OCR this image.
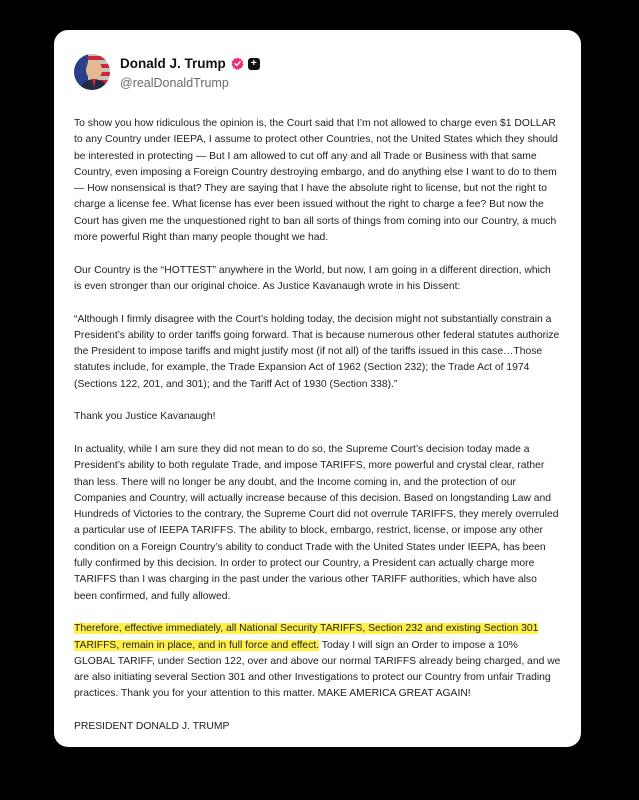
Donald J. Trump	+
@realDonaldTrump

To show you how ridiculous the opinion is, the Court said that I’m not allowed to charge even $1 DOLLAR to any Country under IEEPA, I assume to protect other Countries, not the United States which they should be interested in protecting — But I am allowed to cut off any and all Trade or Business with that same Country, even imposing a Foreign Country destroying embargo, and do anything else I want to do to them — How nonsensical is that? They are saying that I have the absolute right to license, but not the right to charge a license fee. What license has ever been issued without the right to charge a fee? But now the Court has given me the unquestioned right to ban all sorts of things from coming into our Country, a much more powerful Right than many people thought we had.

Our Country is the “HOTTEST” anywhere in the World, but now, I am going in a different direction, which is even stronger than our original choice. As Justice Kavanaugh wrote in his Dissent:

“Although I firmly disagree with the Court’s holding today, the decision might not substantially constrain a President’s ability to order tariffs going forward. That is because numerous other federal statutes authorize the President to impose tariffs and might justify most (if not all) of the tariffs issued in this case…Those statutes include, for example, the Trade Expansion Act of 1962 (Section 232); the Trade Act of 1974 (Sections 122, 201, and 301); and the Tariff Act of 1930 (Section 338).”

Thank you Justice Kavanaugh!

In actuality, while I am sure they did not mean to do so, the Supreme Court’s decision today made a President’s ability to both regulate Trade, and impose TARIFFS, more powerful and crystal clear, rather than less. There will no longer be any doubt, and the Income coming in, and the protection of our Companies and Country, will actually increase because of this decision. Based on longstanding Law and Hundreds of Victories to the contrary, the Supreme Court did not overrule TARIFFS, they merely overruled a particular use of IEEPA TARIFFS. The ability to block, embargo, restrict, license, or impose any other condition on a Foreign Country’s ability to conduct Trade with the United States under IEEPA, has been fully confirmed by this decision. In order to protect our Country, a President can actually charge more TARIFFS than I was charging in the past under the various other TARIFF authorities, which have also been confirmed, and fully allowed.

Therefore, effective immediately, all National Security TARIFFS, Section 232 and existing Section 301 TARIFFS, remain in place, and in full force and effect. Today I will sign an Order to impose a 10% GLOBAL TARIFF, under Section 122, over and above our normal TARIFFS already being charged, and we are also initiating several Section 301 and other Investigations to protect our Country from unfair Trading practices. Thank you for your attention to this matter. MAKE AMERICA GREAT AGAIN!

PRESIDENT DONALD J. TRUMP
